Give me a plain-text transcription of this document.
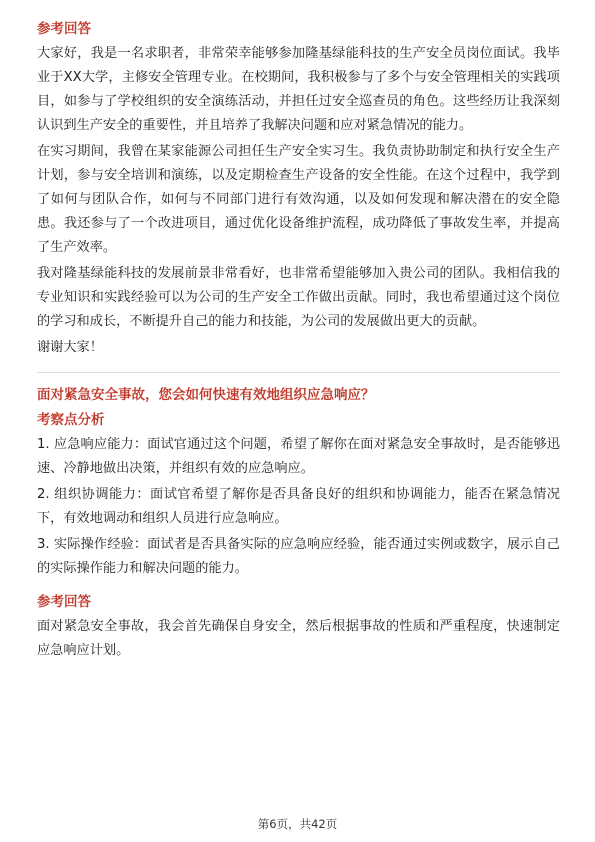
参考回答

大家好，我是一名求职者，非常荣幸能够参加隆基绿能科技的生产安全员岗位面试。我毕业于XX大学，主修安全管理专业。在校期间，我积极参与了多个与安全管理相关的实践项目，如参与了学校组织的安全演练活动，并担任过安全巡查员的角色。这些经历让我深刻认识到生产安全的重要性，并且培养了我解决问题和应对紧急情况的能力。

在实习期间，我曾在某家能源公司担任生产安全实习生。我负责协助制定和执行安全生产计划，参与安全培训和演练，以及定期检查生产设备的安全性能。在这个过程中，我学到了如何与团队合作，如何与不同部门进行有效沟通，以及如何发现和解决潜在的安全隐患。我还参与了一个改进项目，通过优化设备维护流程，成功降低了事故发生率，并提高了生产效率。

我对隆基绿能科技的发展前景非常看好，也非常希望能够加入贵公司的团队。我相信我的专业知识和实践经验可以为公司的生产安全工作做出贡献。同时，我也希望通过这个岗位的学习和成长，不断提升自己的能力和技能，为公司的发展做出更大的贡献。

谢谢大家！

面对紧急安全事故，您会如何快速有效地组织应急响应？
考察点分析

1. 应急响应能力：面试官通过这个问题，希望了解你在面对紧急安全事故时，是否能够迅速、冷静地做出决策，并组织有效的应急响应。

2. 组织协调能力：面试官希望了解你是否具备良好的组织和协调能力，能否在紧急情况下，有效地调动和组织人员进行应急响应。

3. 实际操作经验：面试者是否具备实际的应急响应经验，能否通过实例或数字，展示自己的实际操作能力和解决问题的能力。

参考回答

面对紧急安全事故，我会首先确保自身安全，然后根据事故的性质和严重程度，快速制定应急响应计划。

第6页，共42页
